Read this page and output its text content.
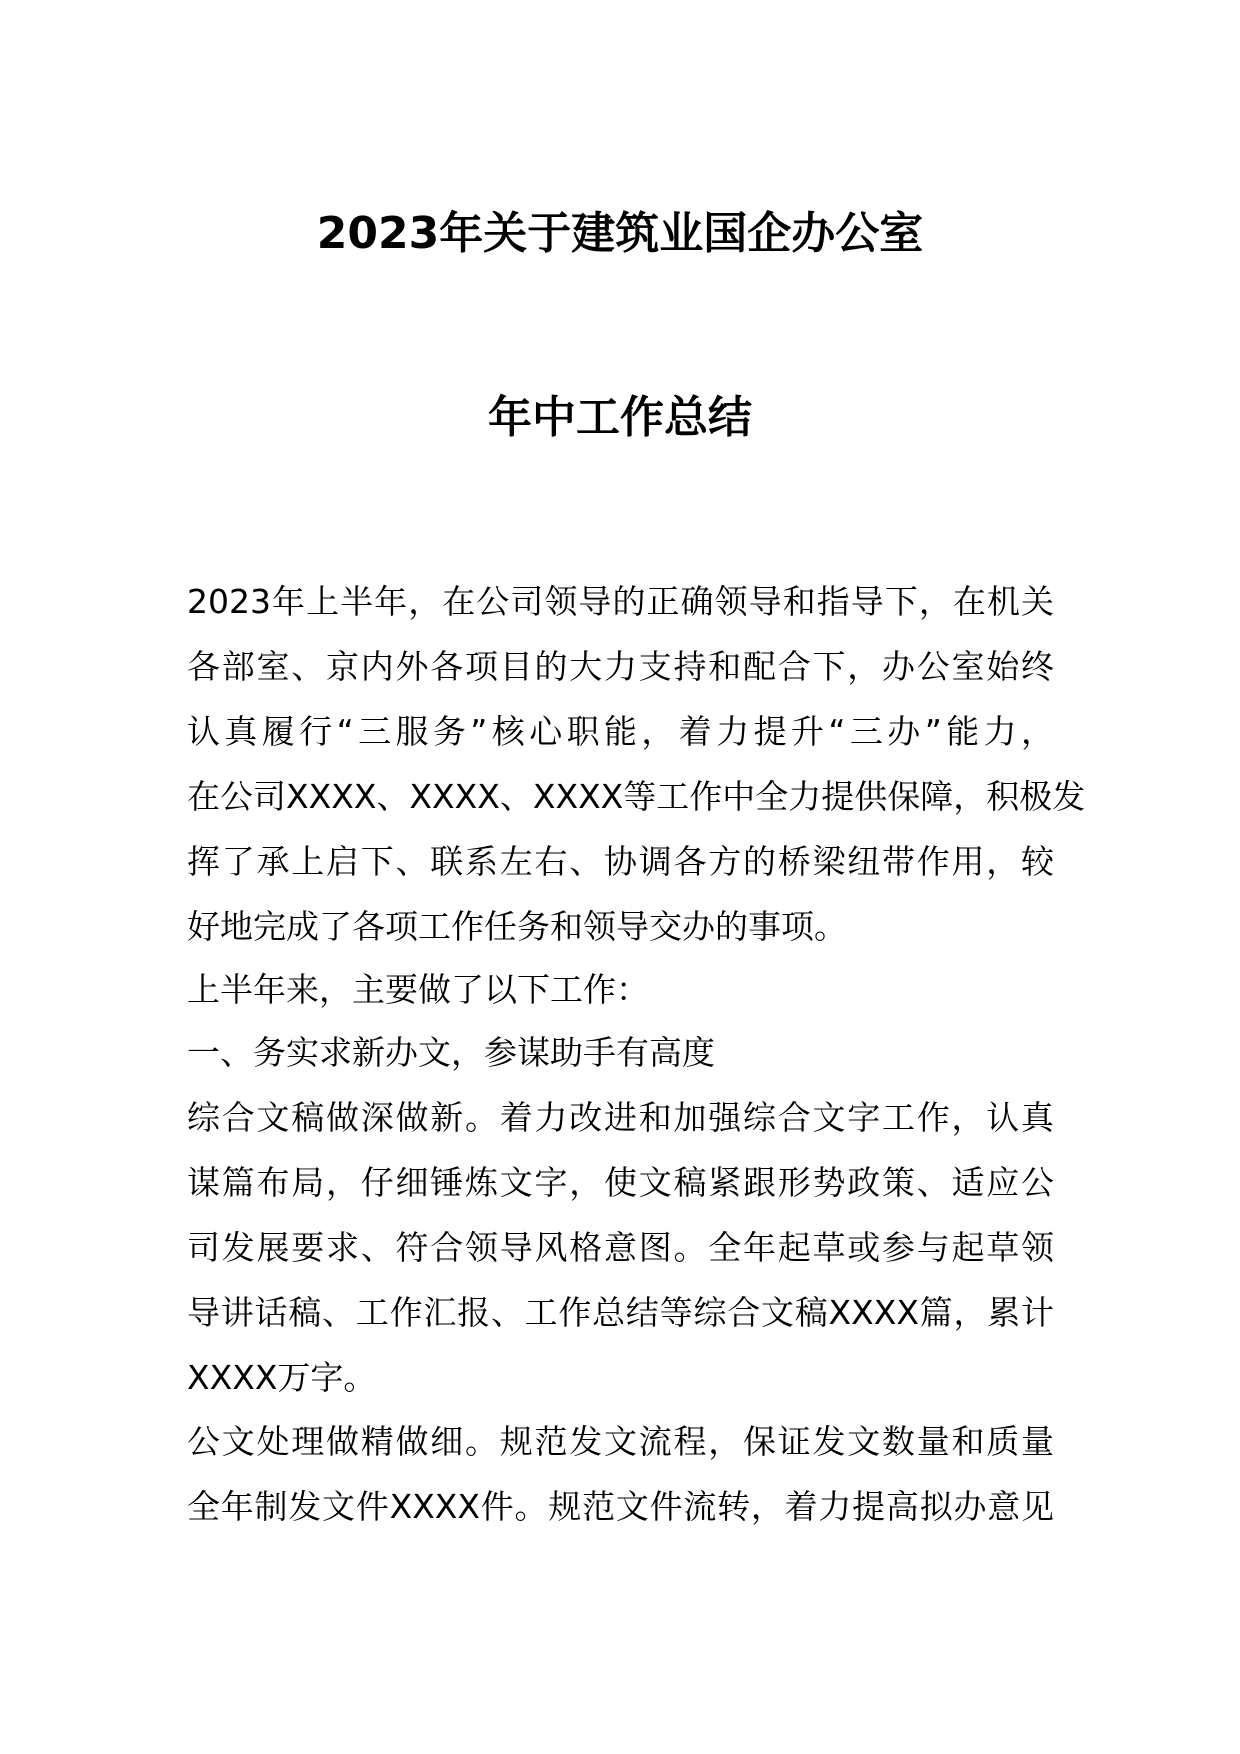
2023年关于建筑业国企办公室
年中工作总结
2023年上半年，在公司领导的正确领导和指导下，在机关
各部室、京内外各项目的大力支持和配合下，办公室始终
认真履行“三服务”核心职能，着力提升“三办”能力，
在公司XXXX、XXXX、XXXX等工作中全力提供保障，积极发
挥了承上启下、联系左右、协调各方的桥梁纽带作用，较
好地完成了各项工作任务和领导交办的事项。
上半年来，主要做了以下工作：
一、务实求新办文，参谋助手有高度
综合文稿做深做新。着力改进和加强综合文字工作，认真
谋篇布局，仔细锤炼文字，使文稿紧跟形势政策、适应公
司发展要求、符合领导风格意图。全年起草或参与起草领
导讲话稿、工作汇报、工作总结等综合文稿XXXX篇，累计
XXXX万字。
公文处理做精做细。规范发文流程，保证发文数量和质量
全年制发文件XXXX件。规范文件流转，着力提高拟办意见
